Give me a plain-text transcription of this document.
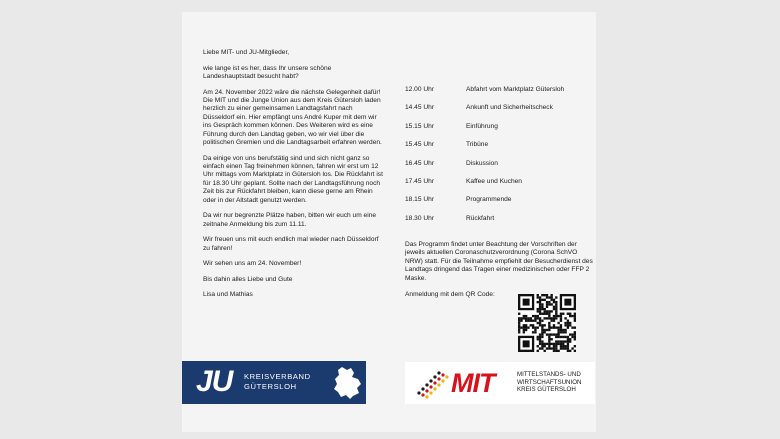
Liebe MIT- und JU-Mitglieder,

wie lange ist es her, dass Ihr unsere schöne Landeshauptstadt besucht habt?

Am 24. November 2022 wäre die nächste Gelegenheit dafür! Die MIT und die Junge Union aus dem Kreis Gütersloh laden herzlich zu einer gemeinsamen Landtagsfahrt nach Düsseldorf ein. Hier empfängt uns André Kuper mit dem wir ins Gespräch kommen können. Des Weiteren wird es eine Führung durch den Landtag geben, wo wir viel über die politischen Gremien und die Landtagsarbeit erfahren werden.

Da einige von uns berufstätig sind und sich nicht ganz so einfach einen Tag freinehmen können, fahren wir erst um 12 Uhr mittags vom Marktplatz in Gütersloh los. Die Rückfahrt ist für 18.30 Uhr geplant. Sollte nach der Landtagsführung noch Zeit bis zur Rückfahrt bleiben, kann diese gerne am Rhein oder in der Altstadt genutzt werden.

Da wir nur begrenzte Plätze haben, bitten wir euch um eine zeitnahe Anmeldung bis zum 11.11.

Wir freuen uns mit euch endlich mal wieder nach Düsseldorf zu fahren!

Wir sehen uns am 24. November!

Bis dahin alles Liebe und Gute

Lisa und Mathias

12.00 Uhr	Abfahrt vom Marktplatz Gütersloh
14.45 Uhr	Ankunft und Sicherheitscheck
15.15 Uhr	Einführung
15.45 Uhr	Tribüne
16.45 Uhr	Diskussion
17.45 Uhr	Kaffee und Kuchen
18.15 Uhr	Programmende
18.30 Uhr	Rückfahrt

Das Programm findet unter Beachtung der Vorschriften der jeweils aktuellen Coronaschutzverordnung (Corona SchVO NRW) statt. Für die Teilnahme empfiehlt der Besucherdienst des Landtags dringend das Tragen einer medizinischen oder FFP 2 Maske.

Anmeldung mit dem QR Code:

JU KREISVERBAND
GÜTERSLOH	MIT	MITTELSTANDS- UND
WIRTSCHAFTSUNION
KREIS GÜTERSLOH
